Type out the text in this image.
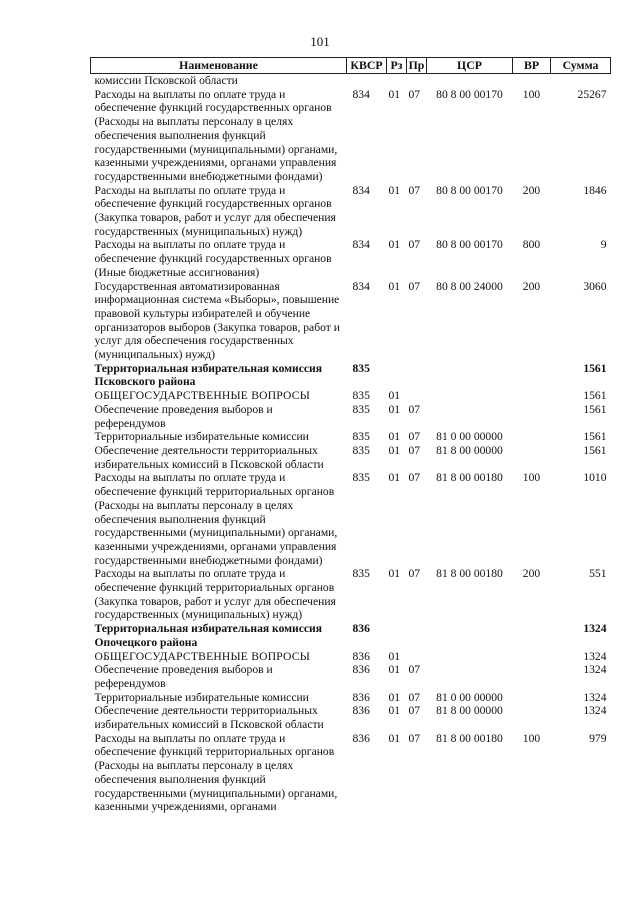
101
Наименование	КВСР	Рз	Пр	ЦСР	ВР	Сумма
комиссии Псковской области						
Расходы на выплаты по оплате труда и обеспечение функций государственных органов (Расходы на выплаты персоналу в целях обеспечения выполнения функций государственными (муниципальными) органами, казенными учреждениями, органами управления государственными внебюджетными фондами)	834	01	07	80 8 00 00170	100	25267
Расходы на выплаты по оплате труда и обеспечение функций государственных органов (Закупка товаров, работ и услуг для обеспечения государственных (муниципальных) нужд)	834	01	07	80 8 00 00170	200	1846
Расходы на выплаты по оплате труда и обеспечение функций государственных органов (Иные бюджетные ассигнования)	834	01	07	80 8 00 00170	800	9
Государственная автоматизированная информационная система «Выборы», повышение правовой культуры избирателей и обучение организаторов выборов (Закупка товаров, работ и услуг для обеспечения государственных (муниципальных) нужд)	834	01	07	80 8 00 24000	200	3060
Территориальная избирательная комиссия Псковского района	835					1561
ОБЩЕГОСУДАРСТВЕННЫЕ ВОПРОСЫ	835	01				1561
Обеспечение проведения выборов и референдумов	835	01	07			1561
Территориальные избирательные комиссии	835	01	07	81 0 00 00000		1561
Обеспечение деятельности территориальных избирательных комиссий в Псковской области	835	01	07	81 8 00 00000		1561
Расходы на выплаты по оплате труда и обеспечение функций территориальных органов (Расходы на выплаты персоналу в целях обеспечения выполнения функций государственными (муниципальными) органами, казенными учреждениями, органами управления государственными внебюджетными фондами)	835	01	07	81 8 00 00180	100	1010
Расходы на выплаты по оплате труда и обеспечение функций территориальных органов (Закупка товаров, работ и услуг для обеспечения государственных (муниципальных) нужд)	835	01	07	81 8 00 00180	200	551
Территориальная избирательная комиссия Опочецкого района	836					1324
ОБЩЕГОСУДАРСТВЕННЫЕ ВОПРОСЫ	836	01				1324
Обеспечение проведения выборов и референдумов	836	01	07			1324
Территориальные избирательные комиссии	836	01	07	81 0 00 00000		1324
Обеспечение деятельности территориальных избирательных комиссий в Псковской области	836	01	07	81 8 00 00000		1324
Расходы на выплаты по оплате труда и обеспечение функций территориальных органов (Расходы на выплаты персоналу в целях обеспечения выполнения функций государственными (муниципальными) органами, казенными учреждениями, органами	836	01	07	81 8 00 00180	100	979
